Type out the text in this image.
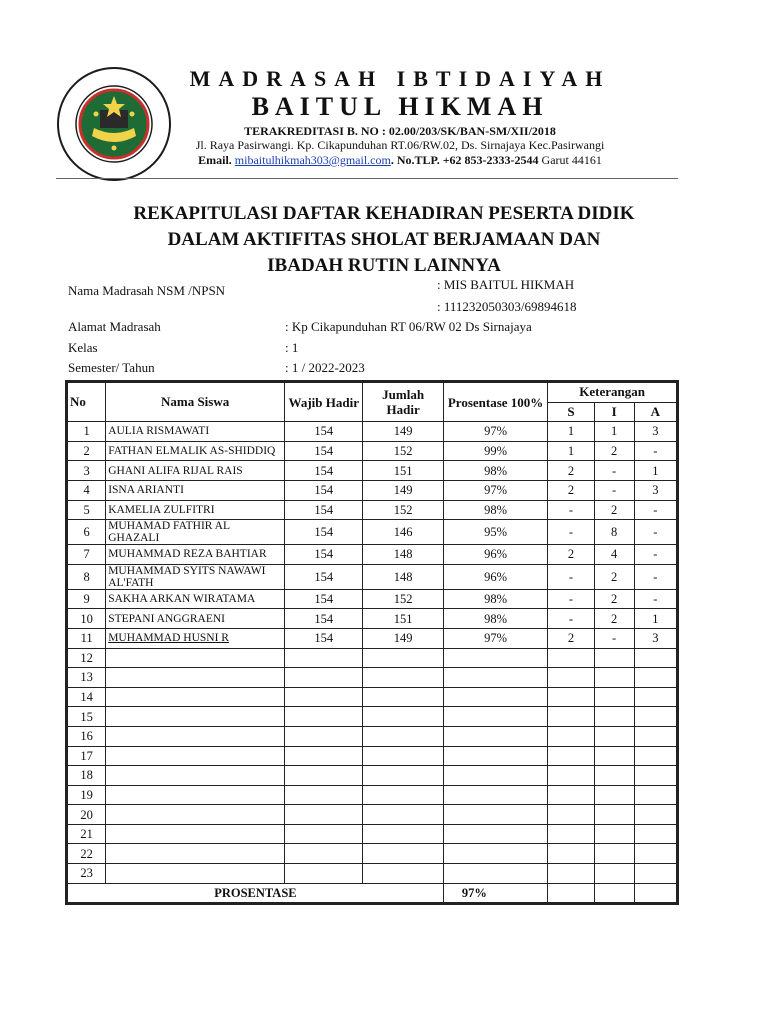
MADRASAH IBTIDAIYAH
BAITUL HIKMAH
TERAKREDITASI B. NO : 02.00/203/SK/BAN-SM/XII/2018
Jl. Raya Pasirwangi. Kp. Cikapunduhan RT.06/RW.02, Ds. Sirnajaya Kec.Pasirwangi
Email. mibaitulhikmah303@gmail.com. No.TLP. +62 853-2333-2544 Garut 44161
REKAPITULASI DAFTAR KEHADIRAN PESERTA DIDIK
DALAM AKTIFITAS SHOLAT BERJAMAAN DAN
IBADAH RUTIN LAINNYA
Nama Madrasah NSM /NPSN	: MIS BAITUL HIKMAH
: 111232050303/69894618
Alamat Madrasah	: Kp Cikapunduhan RT 06/RW 02 Ds Sirnajaya
Kelas	: 1
Semester/ Tahun	: 1 / 2022-2023
No	Nama Siswa	Wajib Hadir	Jumlah Hadir	Prosentase 100%	Keterangan		
					S	I	A
1	AULIA RISMAWATI	154	149	97%	1	1	3
2	FATHAN ELMALIK AS-SHIDDIQ	154	152	99%	1	2	-
3	GHANI ALIFA RIJAL RAIS	154	151	98%	2	-	1
4	ISNA ARIANTI	154	149	97%	2	-	3
5	KAMELIA ZULFITRI	154	152	98%	-	2	-
6	MUHAMAD FATHIR AL GHAZALI	154	146	95%	-	8	-
7	MUHAMMAD REZA BAHTIAR	154	148	96%	2	4	-
8	MUHAMMAD SYITS NAWAWI AL'FATH	154	148	96%	-	2	-
9	SAKHA ARKAN WIRATAMA	154	152	98%	-	2	-
10	STEPANI ANGGRAENI	154	151	98%	-	2	1
11	MUHAMMAD HUSNI R	154	149	97%	2	-	3
12							
13							
14							
15							
16							
17							
18							
19							
20							
21							
22							
23							
PROSENTASE				97%			
